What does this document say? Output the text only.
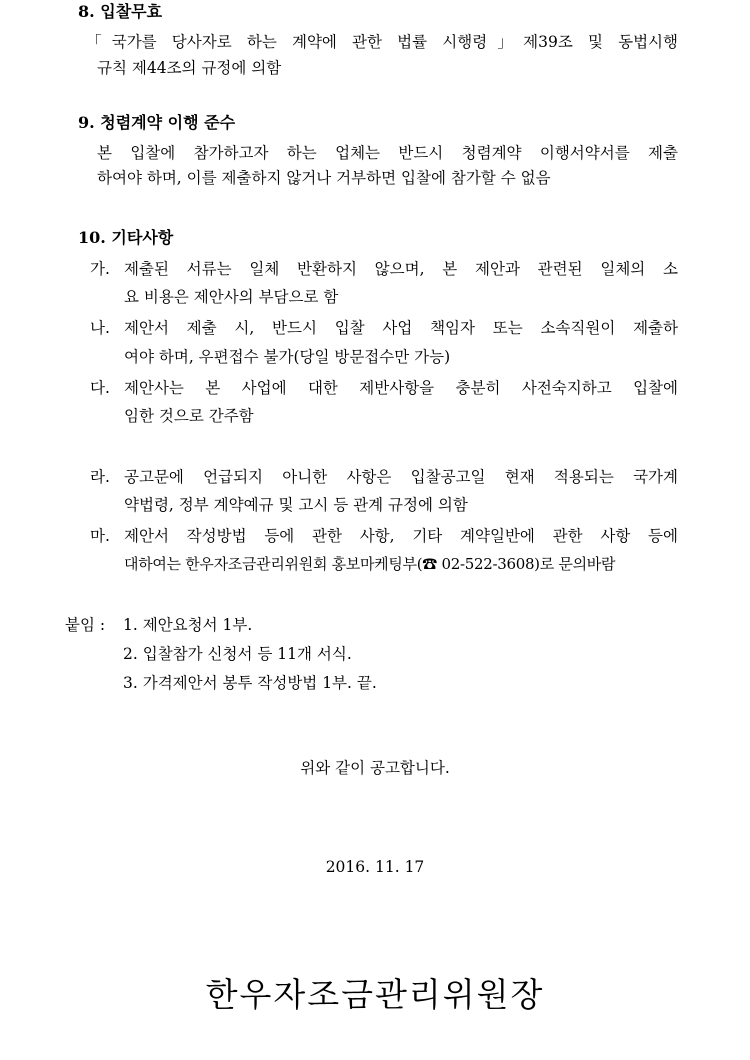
8. 입찰무효
「국가를 당사자로 하는 계약에 관한 법률 시행령」제39조 및 동법시행
규칙 제44조의 규정에 의함
9. 청렴계약 이행 준수
본 입찰에 참가하고자 하는 업체는 반드시 청렴계약 이행서약서를 제출
하여야 하며, 이를 제출하지 않거나 거부하면 입찰에 참가할 수 없음
10. 기타사항
가. 제출된 서류는 일체 반환하지 않으며, 본 제안과 관련된 일체의 소
요 비용은 제안사의 부담으로 함
나. 제안서 제출 시, 반드시 입찰 사업 책임자 또는 소속직원이 제출하
여야 하며, 우편접수 불가(당일 방문접수만 가능)
다. 제안사는 본 사업에 대한 제반사항을 충분히 사전숙지하고 입찰에
임한 것으로 간주함
라. 공고문에 언급되지 아니한 사항은 입찰공고일 현재 적용되는 국가계
약법령, 정부 계약예규 및 고시 등 관계 규정에 의함
마. 제안서 작성방법 등에 관한 사항, 기타 계약일반에 관한 사항 등에
대하여는 한우자조금관리위원회 홍보마케팅부(☎ 02-522-3608)로 문의바람
붙임 : 1. 제안요청서 1부.
2. 입찰참가 신청서 등 11개 서식.
3. 가격제안서 봉투 작성방법 1부. 끝.
위와 같이 공고합니다.
2016. 11. 17
한우자조금관리위원장
